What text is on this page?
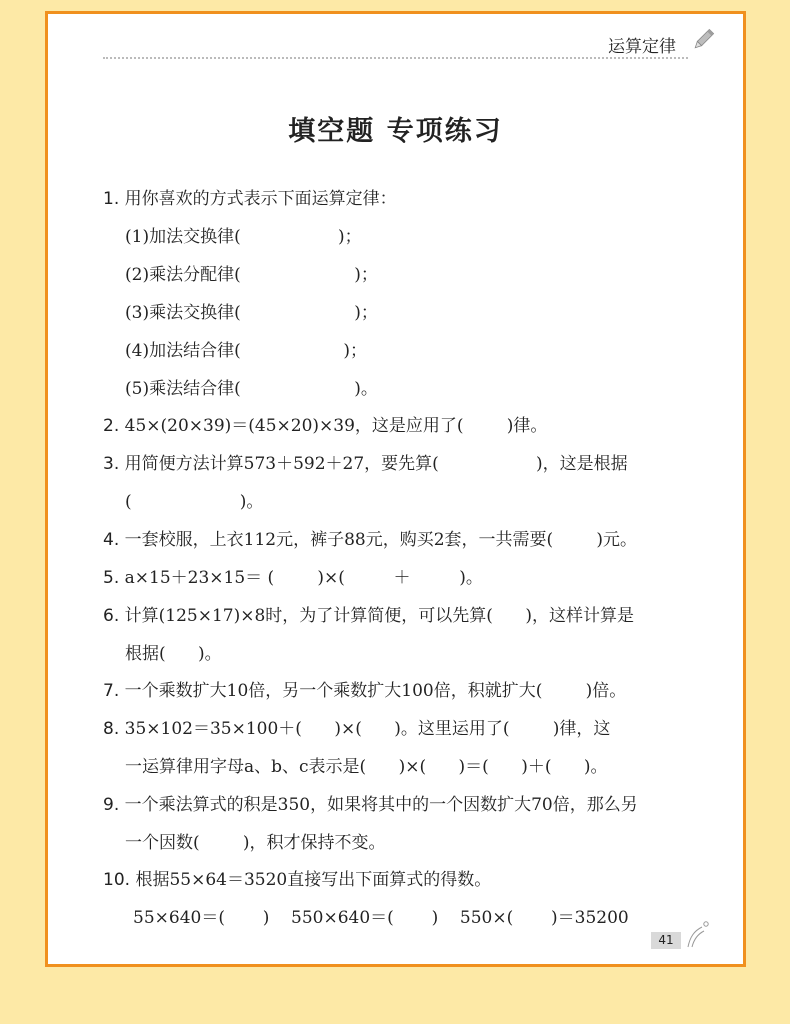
运算定律
填空题 专项练习
1. 用你喜欢的方式表示下面运算定律：
(1)加法交换律(                  )；
(2)乘法分配律(                     )；
(3)乘法交换律(                     )；
(4)加法结合律(                   )；
(5)乘法结合律(                     )。
2. 45×(20×39)＝(45×20)×39，这是应用了(        )律。
3. 用简便方法计算573＋592＋27，要先算(                  )，这是根据
(                    )。
4. 一套校服，上衣112元，裤子88元，购买2套，一共需要(        )元。
5. a×15＋23×15＝ (        )×(         ＋         )。
6. 计算(125×17)×8时，为了计算简便，可以先算(      )，这样计算是
根据(      )。
7. 一个乘数扩大10倍，另一个乘数扩大100倍，积就扩大(        )倍。
8. 35×102＝35×100＋(      )×(      )。这里运用了(        )律，这
一运算律用字母a、b、c表示是(      )×(      )＝(      )＋(      )。
9. 一个乘法算式的积是350，如果将其中的一个因数扩大70倍，那么另
一个因数(        )，积才保持不变。
10. 根据55×64＝3520直接写出下面算式的得数。
55×640＝(       )    550×640＝(       )    550×(       )＝35200
41
